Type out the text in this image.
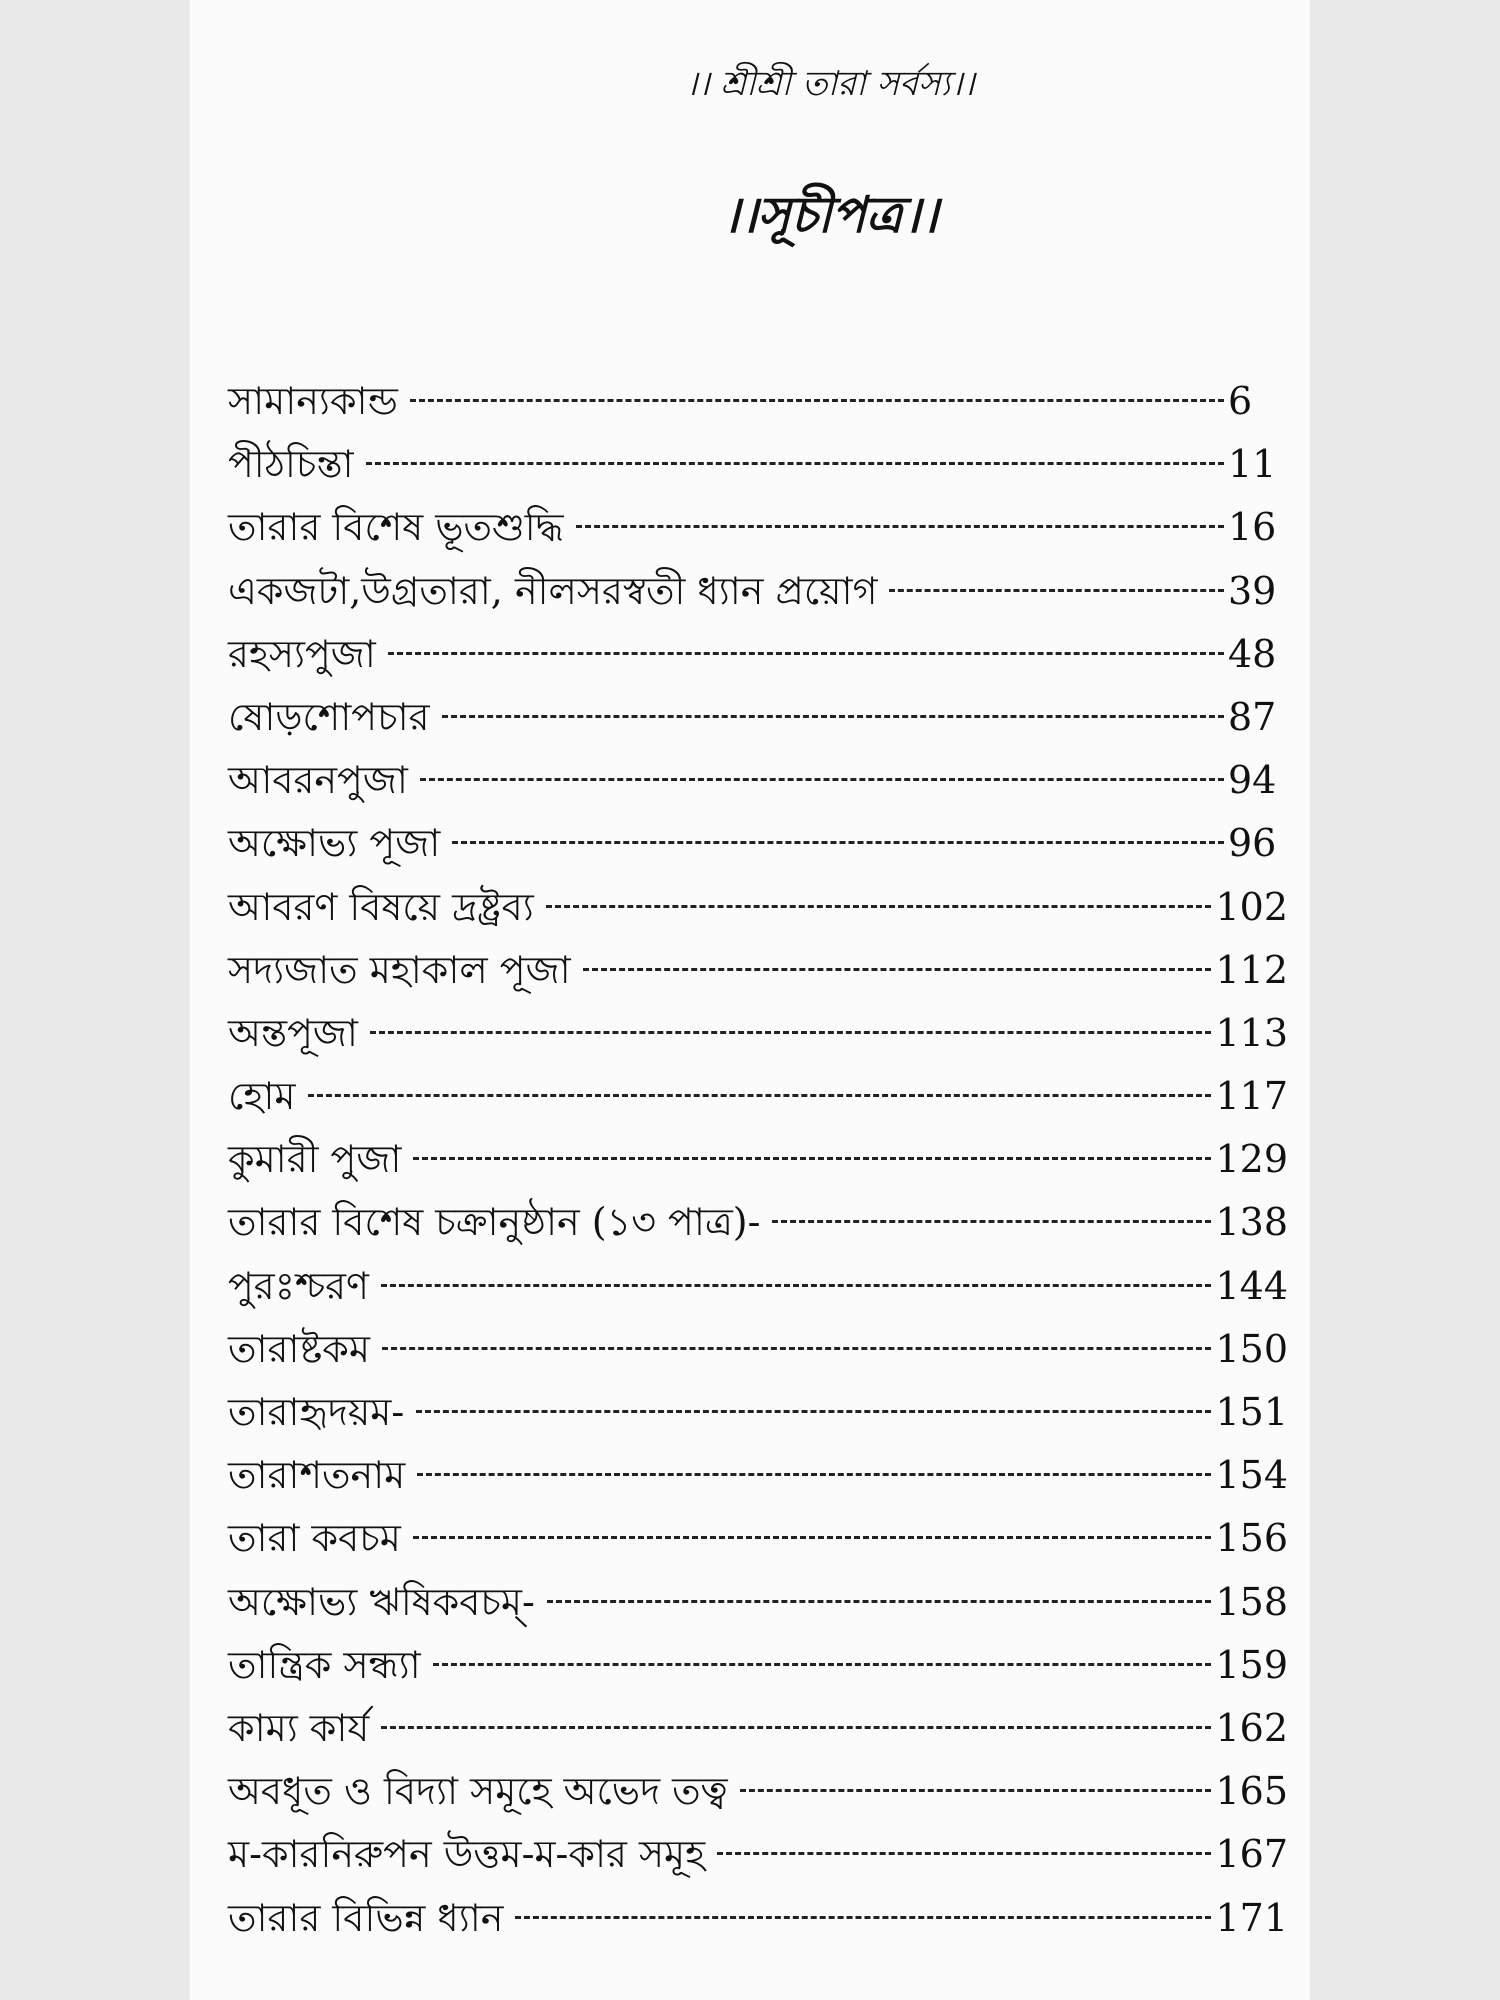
।। শ্রীশ্রী তারা সর্বস্য।।
।।সূচীপত্র।।
সামান্যকান্ড	6
পীঠচিন্তা	11
তারার বিশেষ ভূতশুদ্ধি	16
একজটা,উগ্রতারা, নীলসরস্বতী ধ্যান প্রয়োগ	39
রহস্যপুজা	48
ষোড়শোপচার	87
আবরনপুজা	94
অক্ষোভ্য পূজা	96
আবরণ বিষয়ে দ্রষ্ট্রব্য	102
সদ্যজাত মহাকাল পূজা	112
অন্তপূজা	113
হোম	117
কুমারী পুজা	129
তারার বিশেষ চক্রানুষ্ঠান (১৩ পাত্র)-	138
পুরঃশ্চরণ	144
তারাষ্টকম	150
তারাহৃদয়ম-	151
তারাশতনাম	154
তারা কবচম	156
অক্ষোভ্য ঋষিকবচম্-	158
তান্ত্রিক সন্ধ্যা	159
কাম্য কার্য	162
অবধূত ও বিদ্যা সমূহে অভেদ তত্ব	165
ম-কারনিরুপন উত্তম-ম-কার সমূহ	167
তারার বিভিন্ন ধ্যান	171
